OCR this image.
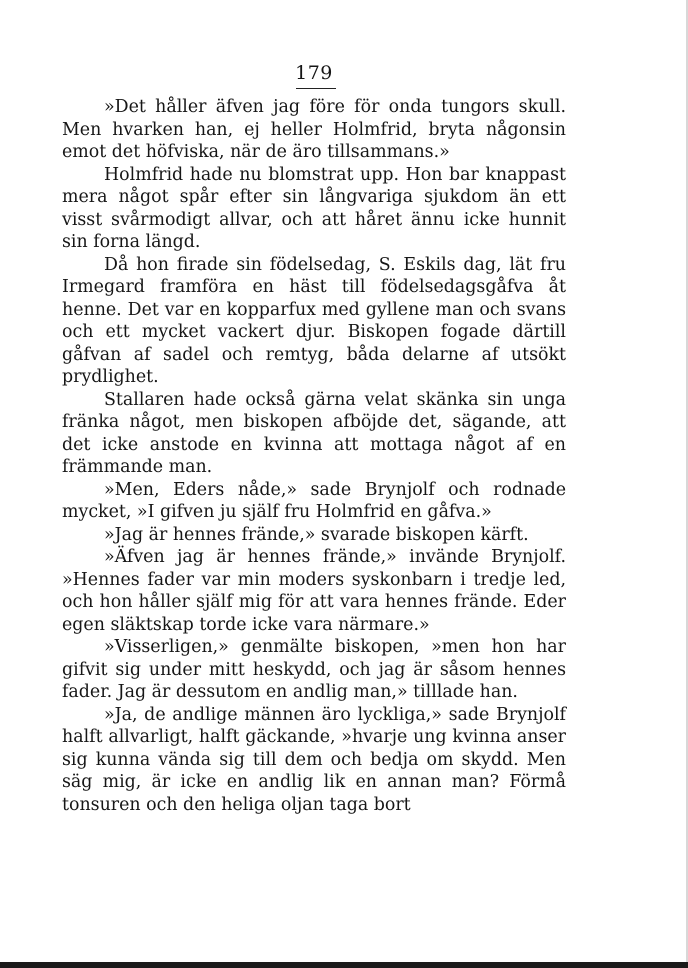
179

»Det håller äfven jag före för onda tungors skull. Men hvarken han, ej heller Holmfrid, bryta någonsin emot det höfviska, när de äro tillsammans.»

Holmfrid hade nu blomstrat upp. Hon bar knappast mera något spår efter sin långvariga sjukdom än ett visst svårmodigt allvar, och att håret ännu icke hunnit sin forna längd.

Då hon firade sin födelsedag, S. Eskils dag, lät fru Irmegard framföra en häst till födelsedagsgåfva åt henne. Det var en kopparfux med gyllene man och svans och ett mycket vackert djur. Biskopen fogade därtill gåfvan af sadel och remtyg, båda delarne af utsökt prydlighet.

Stallaren hade också gärna velat skänka sin unga fränka något, men biskopen afböjde det, sägande, att det icke anstode en kvinna att mottaga något af en främmande man.

»Men, Eders nåde,» sade Brynjolf och rodnade mycket, »I gifven ju själf fru Holmfrid en gåfva.»

»Jag är hennes frände,» svarade biskopen kärft.

»Äfven jag är hennes frände,» invände Brynjolf. »Hennes fader var min moders syskonbarn i tredje led, och hon håller själf mig för att vara hennes frände. Eder egen släktskap torde icke vara närmare.»

»Visserligen,» genmälte biskopen, »men hon har gifvit sig under mitt heskydd, och jag är såsom hennes fader. Jag är dessutom en andlig man,» tilllade han.

»Ja, de andlige männen äro lyckliga,» sade Brynjolf halft allvarligt, halft gäckande, »hvarje ung kvinna anser sig kunna vända sig till dem och bedja om skydd. Men säg mig, är icke en andlig lik en annan man? Förmå tonsuren och den heliga oljan taga bort
